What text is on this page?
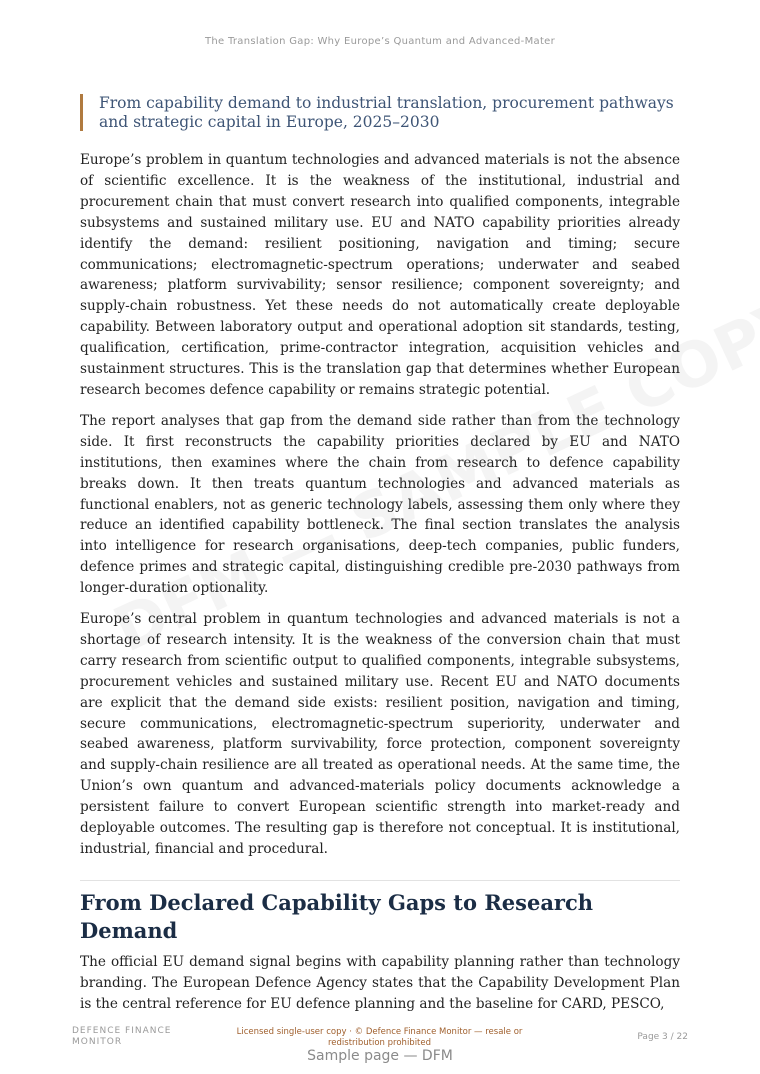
The Translation Gap: Why Europe’s Quantum and Advanced-Mater

From capability demand to industrial translation, procurement pathways and strategic capital in Europe, 2025–2030

Europe’s problem in quantum technologies and advanced materials is not the absence of scientific excellence. It is the weakness of the institutional, industrial and procurement chain that must convert research into qualified components, integrable subsystems and sustained military use. EU and NATO capability priorities already identify the demand: resilient positioning, navigation and timing; secure communications; electromagnetic-spectrum operations; underwater and seabed awareness; platform survivability; sensor resilience; component sovereignty; and supply-chain robustness. Yet these needs do not automatically create deployable capability. Between laboratory output and operational adoption sit standards, testing, qualification, certification, prime-contractor integration, acquisition vehicles and sustainment structures. This is the translation gap that determines whether European research becomes defence capability or remains strategic potential.

The report analyses that gap from the demand side rather than from the technology side. It first reconstructs the capability priorities declared by EU and NATO institutions, then examines where the chain from research to defence capability breaks down. It then treats quantum technologies and advanced materials as functional enablers, not as generic technology labels, assessing them only where they reduce an identified capability bottleneck. The final section translates the analysis into intelligence for research organisations, deep-tech companies, public funders, defence primes and strategic capital, distinguishing credible pre-2030 pathways from longer-duration optionality.

Europe’s central problem in quantum technologies and advanced materials is not a shortage of research intensity. It is the weakness of the conversion chain that must carry research from scientific output to qualified components, integrable subsystems, procurement vehicles and sustained military use. Recent EU and NATO documents are explicit that the demand side exists: resilient position, navigation and timing, secure communications, electromagnetic-spectrum superiority, underwater and seabed awareness, platform survivability, force protection, component sovereignty and supply-chain resilience are all treated as operational needs. At the same time, the Union’s own quantum and advanced-materials policy documents acknowledge a persistent failure to convert European scientific strength into market-ready and deployable outcomes. The resulting gap is therefore not conceptual. It is institutional, industrial, financial and procedural.

From Declared Capability Gaps to Research Demand

The official EU demand signal begins with capability planning rather than technology branding. The European Defence Agency states that the Capability Development Plan is the central reference for EU defence planning and the baseline for CARD, PESCO,

DEFENCE FINANCE
MONITOR
Licensed single-user copy · © Defence Finance Monitor — resale or redistribution prohibited
Page 3 / 22
Sample page — DFM
